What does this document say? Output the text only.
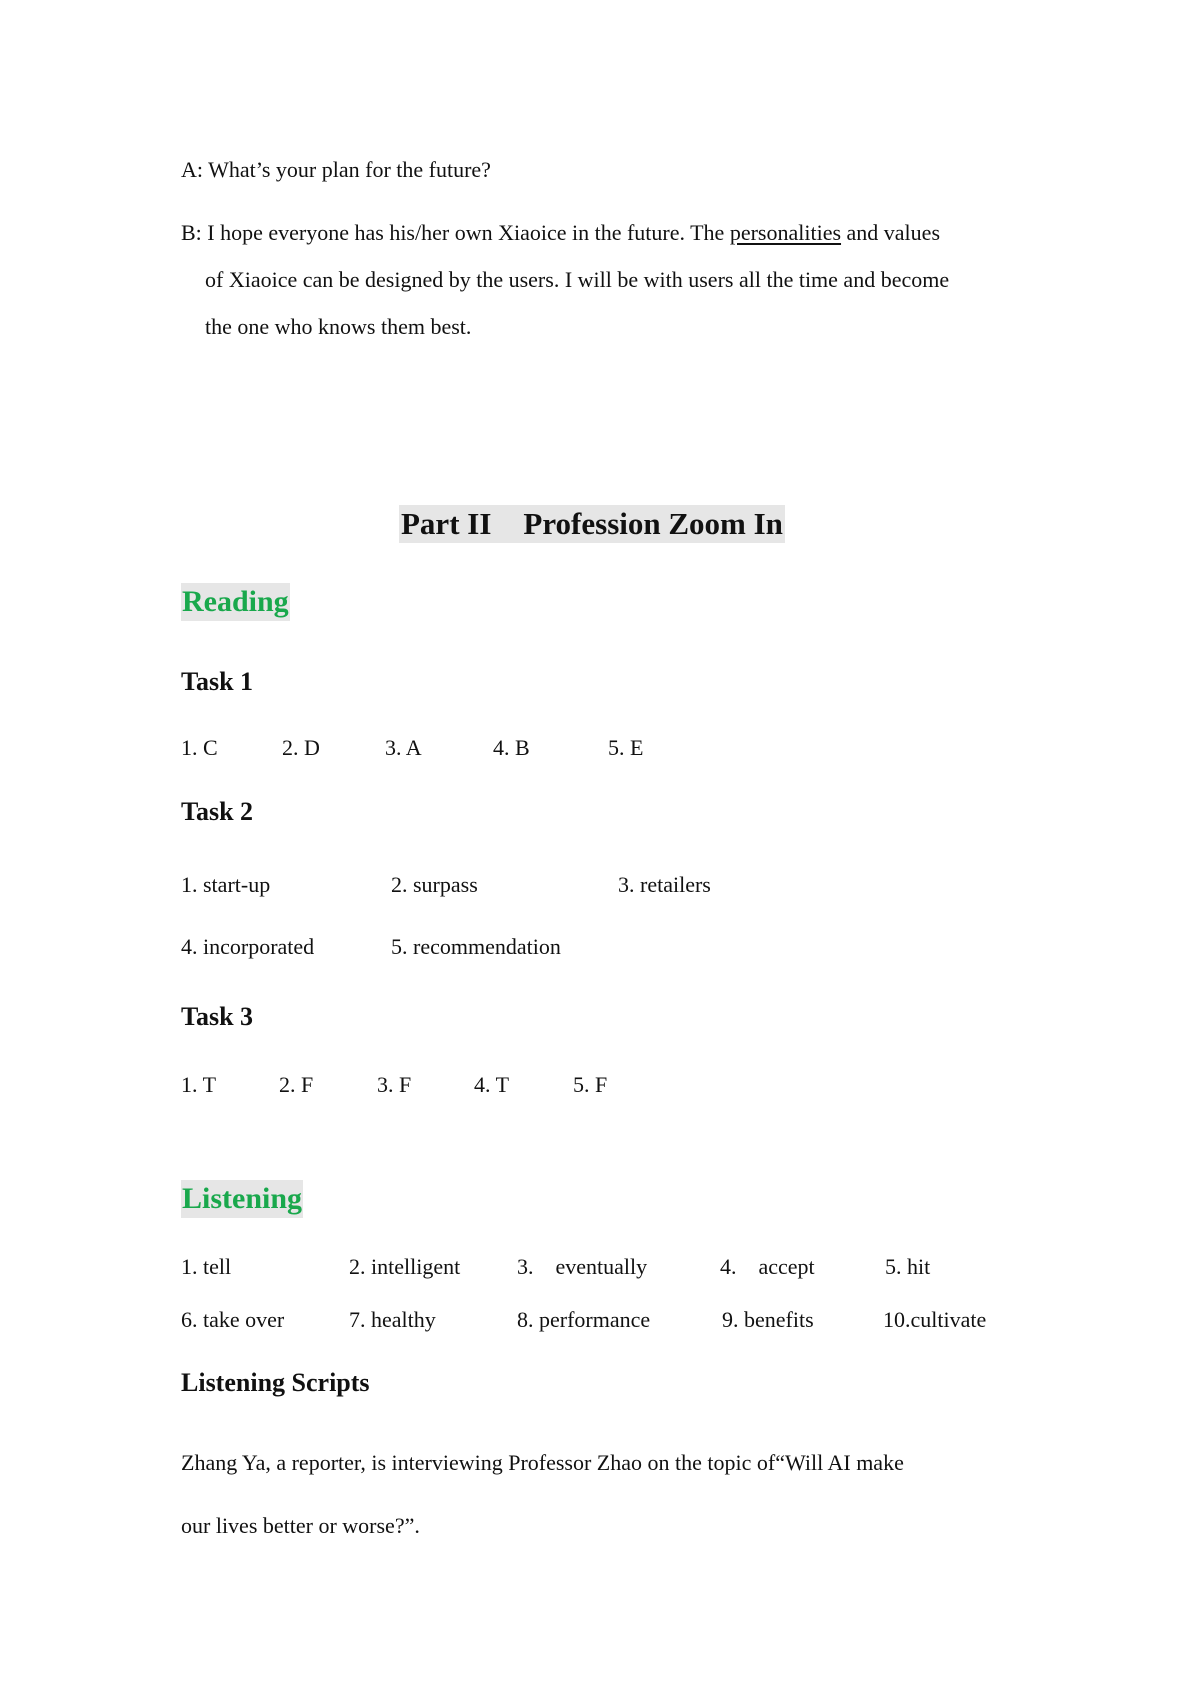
A: What’s your plan for the future?
B: I hope everyone has his/her own Xiaoice in the future. The personalities and values
of Xiaoice can be designed by the users. I will be with users all the time and become
the one who knows them best.
Part II Profession Zoom In
Reading
Task 1
1. C	2. D	3. A	4. B	5. E
Task 2
1. start-up	2. surpass	3. retailers
4. incorporated	5. recommendation
Task 3
1. T	2. F	3. F	4. T	5. F
Listening
1. tell	2. intelligent	3.    eventually	4.    accept	5. hit
6. take over	7. healthy	8. performance	9. benefits	10.cultivate
Listening Scripts
Zhang Ya, a reporter, is interviewing Professor Zhao on the topic of“Will AI make
our lives better or worse?”.
